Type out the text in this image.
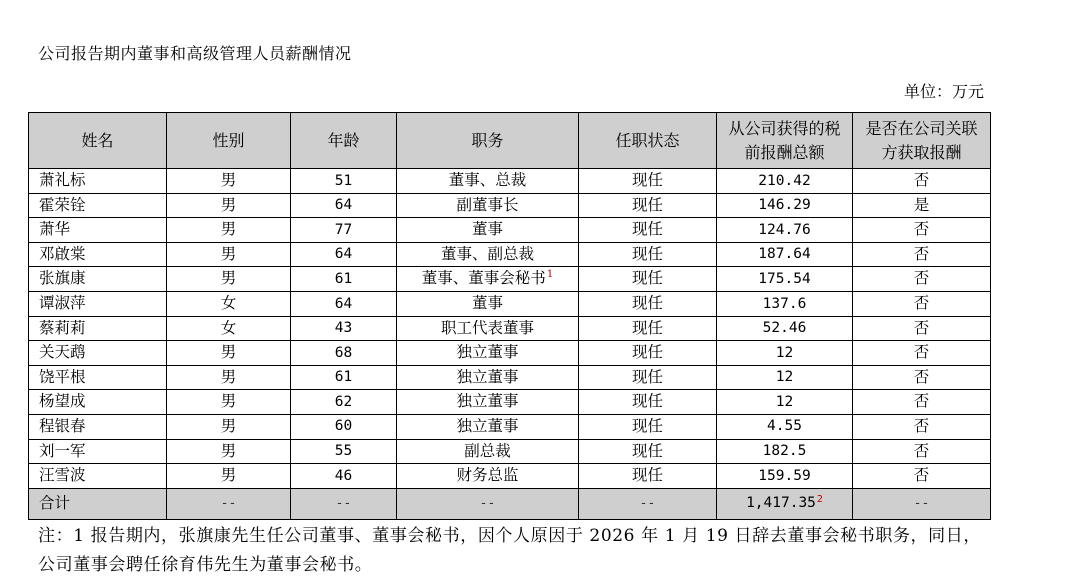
公司报告期内董事和高级管理人员薪酬情况
单位：万元
姓名	性别	年龄	职务	任职状态	从公司获得的税前报酬总额	是否在公司关联方获取报酬
萧礼标	男	51	董事、总裁	现任	210.42	否
霍荣铨	男	64	副董事长	现任	146.29	是
萧华	男	77	董事	现任	124.76	否
邓啟棠	男	64	董事、副总裁	现任	187.64	否
张旗康	男	61	董事、董事会秘书$^1$	现任	175.54	否
谭淑萍	女	64	董事	现任	137.6	否
蔡莉莉	女	43	职工代表董事	现任	52.46	否
关天鹉	男	68	独立董事	现任	12	否
饶平根	男	61	独立董事	现任	12	否
杨望成	男	62	独立董事	现任	12	否
程银春	男	60	独立董事	现任	4.55	否
刘一军	男	55	副总裁	现任	182.5	否
汪雪波	男	46	财务总监	现任	159.59	否
合计	--	--	--	--	1,417.35$^2$	--
注：1 报告期内，张旗康先生任公司董事、董事会秘书，因个人原因于 2026 年 1 月 19 日辞去董事会秘书职务，同日，公司董事会聘任徐育伟先生为董事会秘书。
